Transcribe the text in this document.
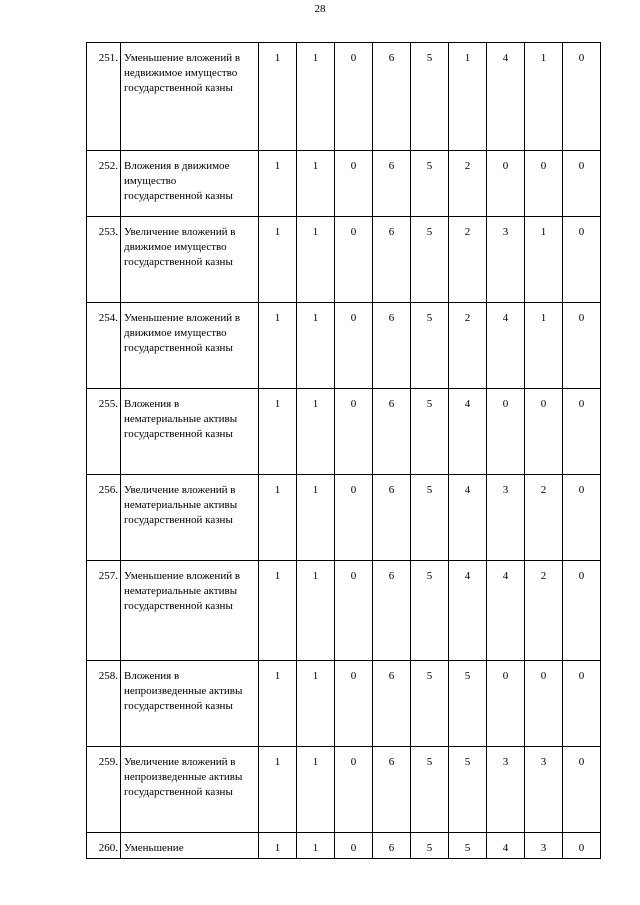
28
251.	Уменьшение вложений в недвижимое имущество государственной казны	1	1	0	6	5	1	4	1	0
252.	Вложения в движимое имущество государственной казны	1	1	0	6	5	2	0	0	0
253.	Увеличение вложений в движимое имущество государственной казны	1	1	0	6	5	2	3	1	0
254.	Уменьшение вложений в движимое имущество государственной казны	1	1	0	6	5	2	4	1	0
255.	Вложения в нематериальные активы государственной казны	1	1	0	6	5	4	0	0	0
256.	Увеличение вложений в нематериальные активы государственной казны	1	1	0	6	5	4	3	2	0
257.	Уменьшение вложений в нематериальные активы государственной казны	1	1	0	6	5	4	4	2	0
258.	Вложения в непроизведенные активы государственной казны	1	1	0	6	5	5	0	0	0
259.	Увеличение вложений в непроизведенные активы государственной казны	1	1	0	6	5	5	3	3	0
260.	Уменьшение	1	1	0	6	5	5	4	3	0
